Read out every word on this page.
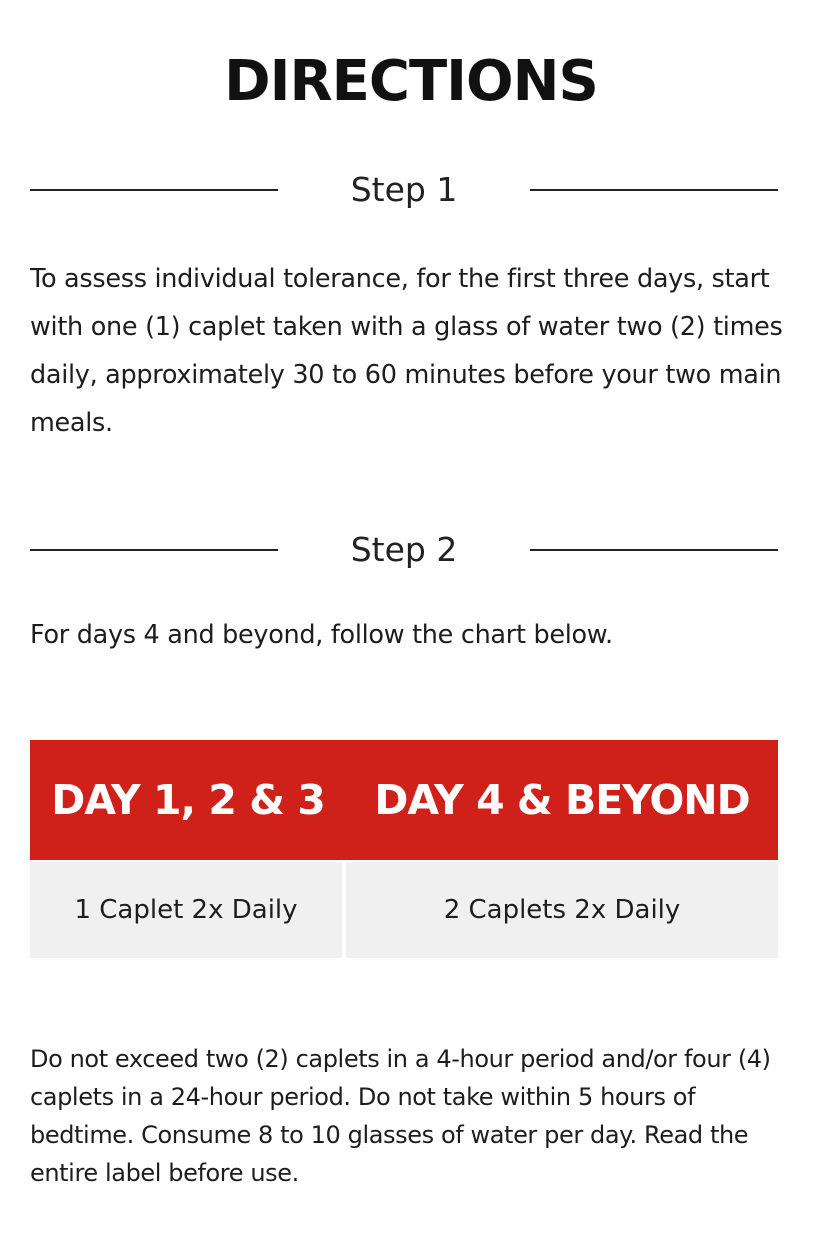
DIRECTIONS
Step 1
To assess individual tolerance, for the first three days, start with one (1) caplet taken with a glass of water two (2) times daily, approximately 30 to 60 minutes before your two main meals.
Step 2
For days 4 and beyond, follow the chart below.
DAY 1, 2 & 3	DAY 4 & BEYOND
1 Caplet 2x Daily	2 Caplets 2x Daily
Do not exceed two (2) caplets in a 4-hour period and/or four (4) caplets in a 24-hour period. Do not take within 5 hours of bedtime. Consume 8 to 10 glasses of water per day. Read the entire label before use.
